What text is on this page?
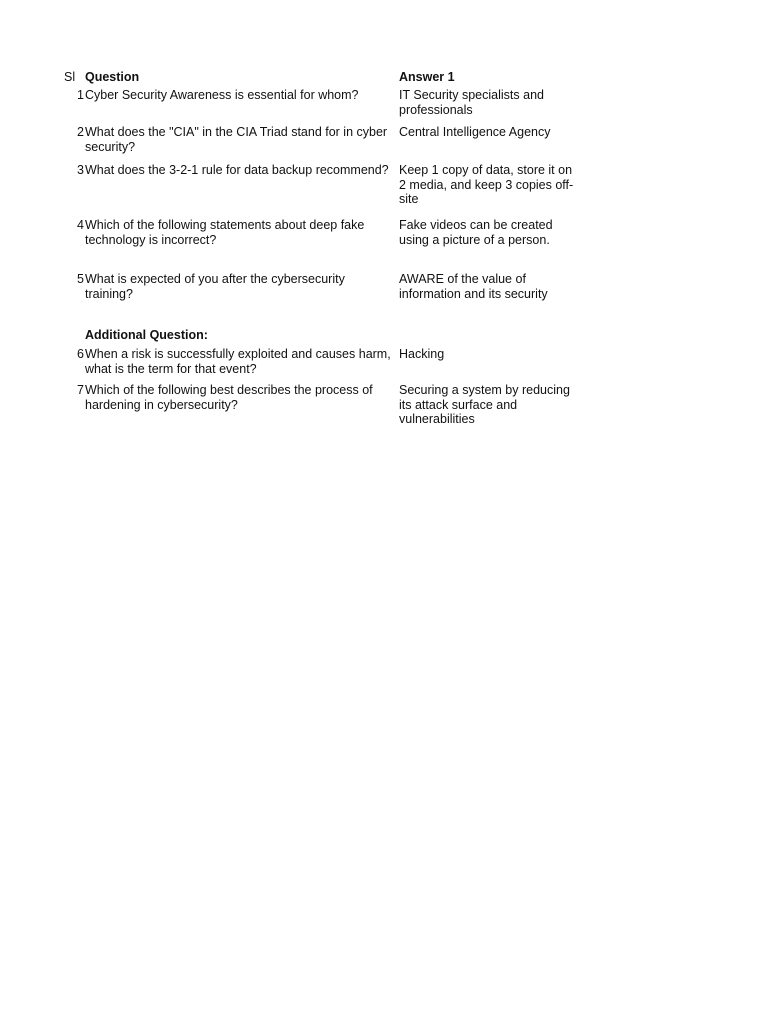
Sl Question	Answer 1
1 Cyber Security Awareness is essential for whom?	IT Security specialists and professionals
2 What does the "CIA" in the CIA Triad stand for in cyber security?
Central Intelligence Agency
3 What does the 3-2-1 rule for data backup recommend? Keep 1 copy of data, store it on 2 media, and keep 3 copies off-site
4 Which of the following statements about deep fake technology is incorrect?
Fake videos can be created using a picture of a person.
5 What is expected of you after the cybersecurity training?
AWARE of the value of information and its security
Additional Question:
6 When a risk is successfully exploited and causes harm, what is the term for that event?
Hacking
7 Which of the following best describes the process of hardening in cybersecurity?
Securing a system by reducing its attack surface and vulnerabilities
